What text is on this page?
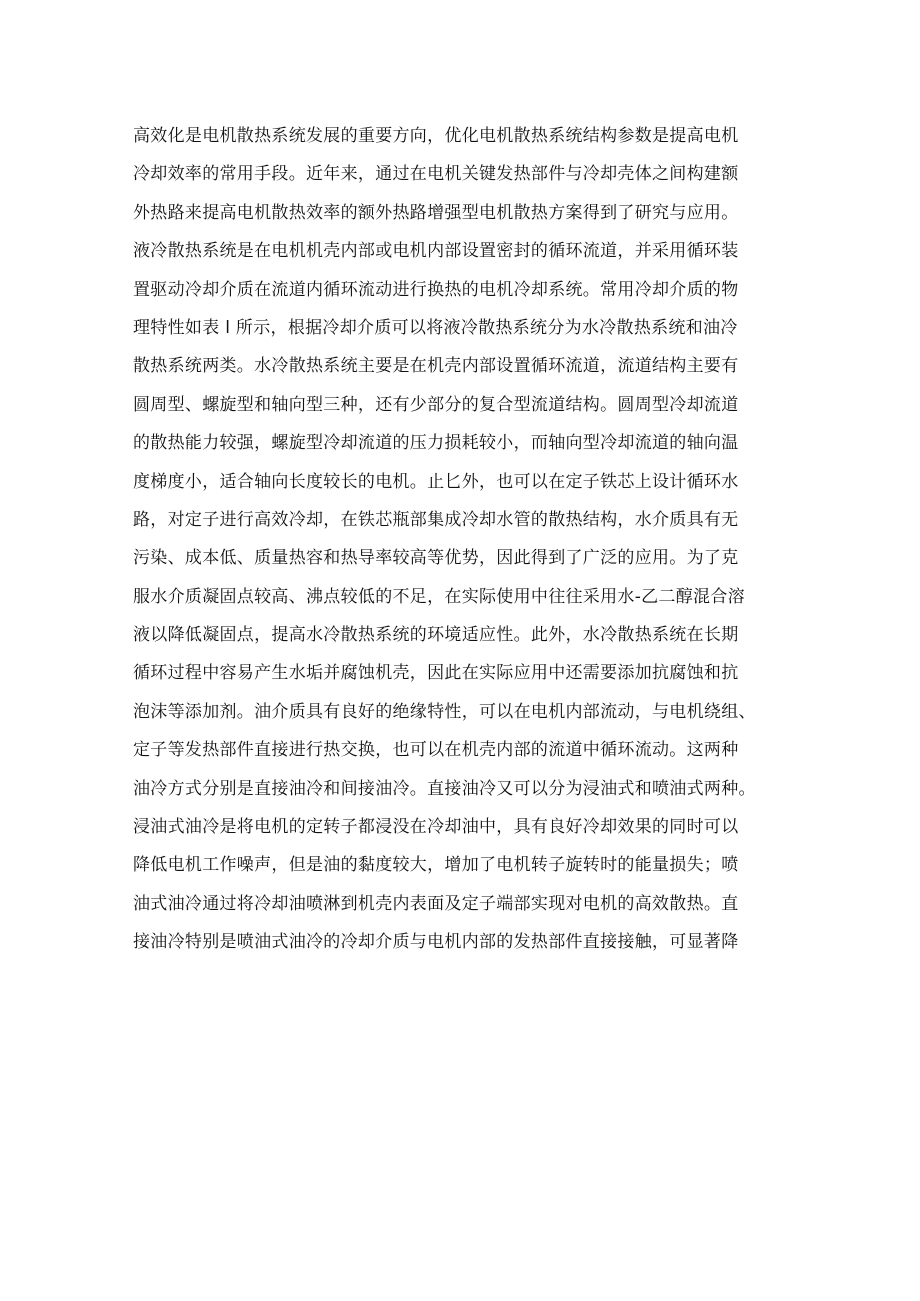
高效化是电机散热系统发展的重要方向，优化电机散热系统结构参数是提高电机
冷却效率的常用手段。近年来，通过在电机关键发热部件与冷却壳体之间构建额
外热路来提高电机散热效率的额外热路增强型电机散热方案得到了研究与应用。
液冷散热系统是在电机机壳内部或电机内部设置密封的循环流道，并采用循环装
置驱动冷却介质在流道内循环流动进行换热的电机冷却系统。常用冷却介质的物
理特性如表 l 所示，根据冷却介质可以将液冷散热系统分为水冷散热系统和油冷
散热系统两类。水冷散热系统主要是在机壳内部设置循环流道，流道结构主要有
圆周型、螺旋型和轴向型三种，还有少部分的复合型流道结构。圆周型冷却流道
的散热能力较强，螺旋型冷却流道的压力损耗较小，而轴向型冷却流道的轴向温
度梯度小，适合轴向长度较长的电机。止匕外，也可以在定子铁芯上设计循环水
路，对定子进行高效冷却，在铁芯瓶部集成冷却水管的散热结构，水介质具有无
污染、成本低、质量热容和热导率较高等优势，因此得到了广泛的应用。为了克
服水介质凝固点较高、沸点较低的不足，在实际使用中往往采用水-乙二醇混合溶
液以降低凝固点，提高水冷散热系统的环境适应性。此外，水冷散热系统在长期
循环过程中容易产生水垢并腐蚀机壳，因此在实际应用中还需要添加抗腐蚀和抗
泡沫等添加剂。油介质具有良好的绝缘特性，可以在电机内部流动，与电机绕组、
定子等发热部件直接进行热交换，也可以在机壳内部的流道中循环流动。这两种
油冷方式分别是直接油冷和间接油冷。直接油冷又可以分为浸油式和喷油式两种。
浸油式油冷是将电机的定转子都浸没在冷却油中，具有良好冷却效果的同时可以
降低电机工作噪声，但是油的黏度较大，增加了电机转子旋转时的能量损失；喷
油式油冷通过将冷却油喷淋到机壳内表面及定子端部实现对电机的高效散热。直
接油冷特别是喷油式油冷的冷却介质与电机内部的发热部件直接接触，可显著降
